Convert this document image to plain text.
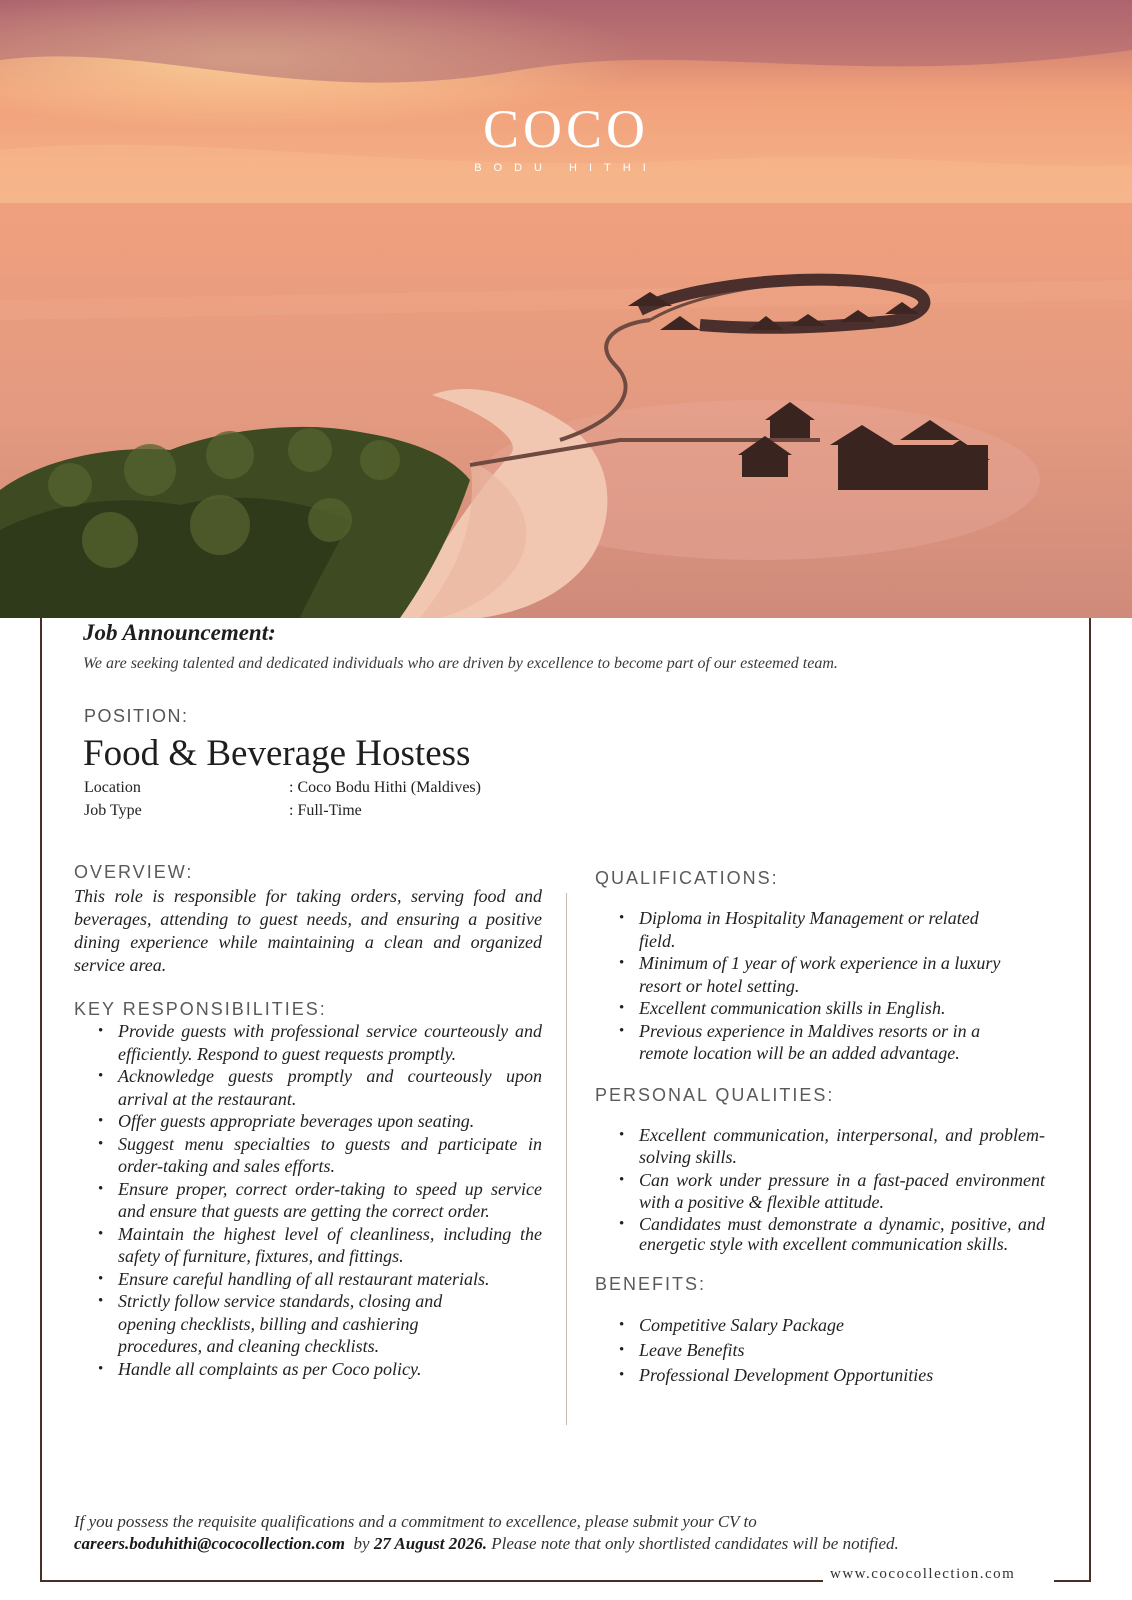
COCO
BODU HITHI
www.cococollection.com
Job Announcement:
We are seeking talented and dedicated individuals who are driven by excellence to become part of our esteemed team.
POSITION:
Food & Beverage Hostess
Location	: Coco Bodu Hithi (Maldives)
Job Type	: Full-Time
OVERVIEW:

This role is responsible for taking orders, serving food and beverages, attending to guest needs, and ensuring a positive dining experience while maintaining a clean and organized service area.

KEY RESPONSIBILITIES:
• Provide guests with professional service courteously and efficiently. Respond to guest requests promptly.
• Acknowledge guests promptly and courteously upon arrival at the restaurant.
• Offer guests appropriate beverages upon seating.
• Suggest menu specialties to guests and participate in order-taking and sales efforts.
• Ensure proper, correct order-taking to speed up service and ensure that guests are getting the correct order.
• Maintain the highest level of cleanliness, including the safety of furniture, fixtures, and fittings.
• Ensure careful handling of all restaurant materials.
• Strictly follow service standards, closing and opening checklists, billing and cashiering procedures, and cleaning checklists.
• Handle all complaints as per Coco policy.
QUALIFICATIONS:
• Diploma in Hospitality Management or related field.
• Minimum of 1 year of work experience in a luxury resort or hotel setting.
• Excellent communication skills in English.
• Previous experience in Maldives resorts or in a remote location will be an added advantage.
PERSONAL QUALITIES:
• Excellent communication, interpersonal, and problem-solving skills.
• Can work under pressure in a fast-paced environment with a positive & flexible attitude.
• Candidates must demonstrate a dynamic, positive, and energetic style with excellent communication skills.
BENEFITS:
• Competitive Salary Package
• Leave Benefits
• Professional Development Opportunities
If you possess the requisite qualifications and a commitment to excellence, please submit your CV to
careers.boduhithi@cococollection.com by 27 August 2026. Please note that only shortlisted candidates will be notified.
